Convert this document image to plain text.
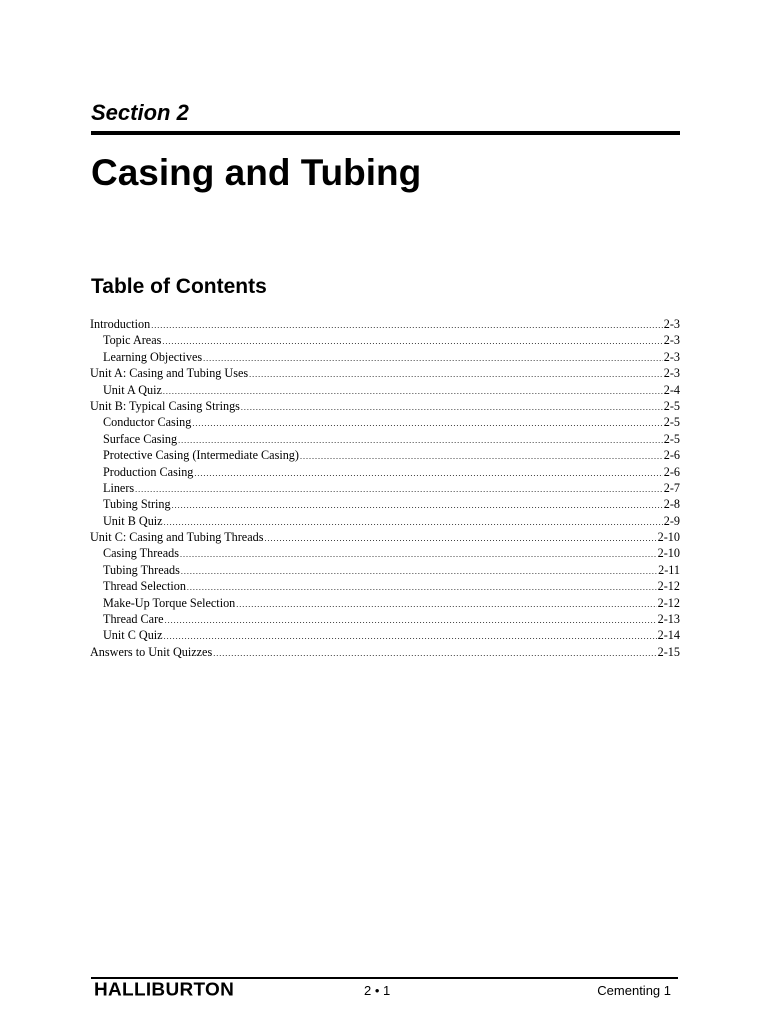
Section 2
Casing and Tubing
Table of Contents
Introduction .....	2-3
Topic Areas .....	2-3
Learning Objectives .....	2-3
Unit A: Casing and Tubing Uses .....	2-3
Unit A Quiz .....	2-4
Unit B: Typical Casing Strings .....	2-5
Conductor Casing .....	2-5
Surface Casing .....	2-5
Protective Casing (Intermediate Casing) .....	2-6
Production Casing .....	2-6
Liners .....	2-7
Tubing String .....	2-8
Unit B Quiz .....	2-9
Unit C: Casing and Tubing Threads .....	2-10
Casing Threads .....	2-10
Tubing Threads .....	2-11
Thread Selection .....	2-12
Make-Up Torque Selection .....	2-12
Thread Care .....	2-13
Unit C Quiz .....	2-14
Answers to Unit Quizzes .....	2-15
HALLIBURTON	2 • 1	Cementing 1
